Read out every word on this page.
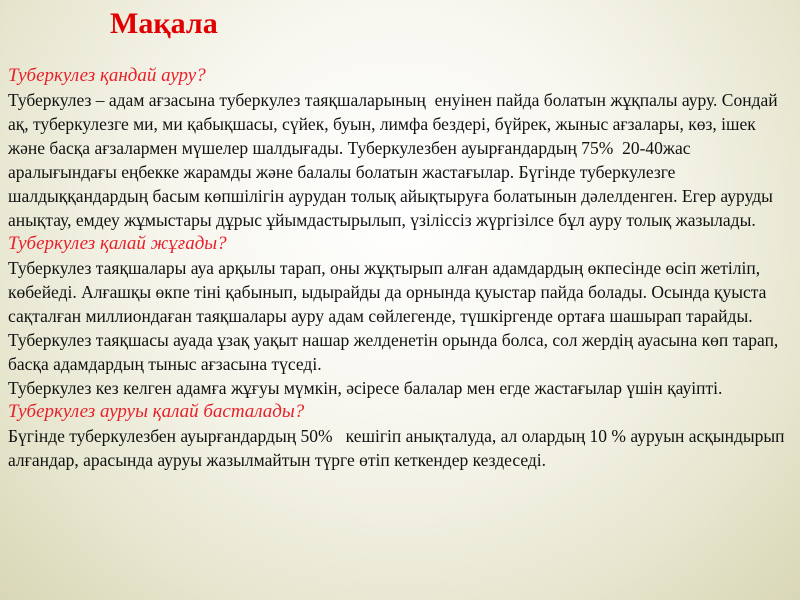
Мақала

Туберкулез қандай ауру?

Туберкулез – адам ағзасына туберкулез таяқшаларының  енуінен пайда болатын жұқпалы ауру. Сондай ақ, туберкулезге ми, ми қабықшасы, сүйек, буын, лимфа бездері, бүйрек, жыныс ағзалары, көз, ішек және басқа ағзалармен мүшелер шалдығады. Туберкулезбен ауырғандардың 75%  20-40жас аралығындағы еңбекке жарамды және балалы болатын жастағылар. Бүгінде туберкулезге шалдыққандардың басым көпшілігін аурудан толық айықтыруға болатынын дәлелденген. Егер ауруды анықтау, емдеу жұмыстары дұрыс ұйымдастырылып, үзіліссіз жүргізілсе бұл ауру толық жазылады.

Туберкулез қалай жұғады?

Туберкулез таяқшалары ауа арқылы тарап, оны жұқтырып алған адамдардың өкпесінде өсіп жетіліп, көбейеді. Алғашқы өкпе тіні қабынып, ыдырайды да орнында қуыстар пайда болады. Осында қуыста сақталған миллиондаған таяқшалары ауру адам сөйлегенде, түшкіргенде ортаға шашырап тарайды.

Туберкулез таяқшасы ауада ұзақ уақыт нашар желденетін орында болса, сол жердің ауасына көп тарап, басқа адамдардың тыныс ағзасына түседі.

Туберкулез кез келген адамға жұғуы мүмкін, әсіресе балалар мен егде жастағылар үшін қауіпті.

Туберкулез ауруы қалай басталады?

Бүгінде туберкулезбен ауырғандардың 50%   кешігіп анықталуда, ал олардың 10 % ауруын асқындырып алғандар, арасында ауруы жазылмайтын түрге өтіп кеткендер кездеседі.
